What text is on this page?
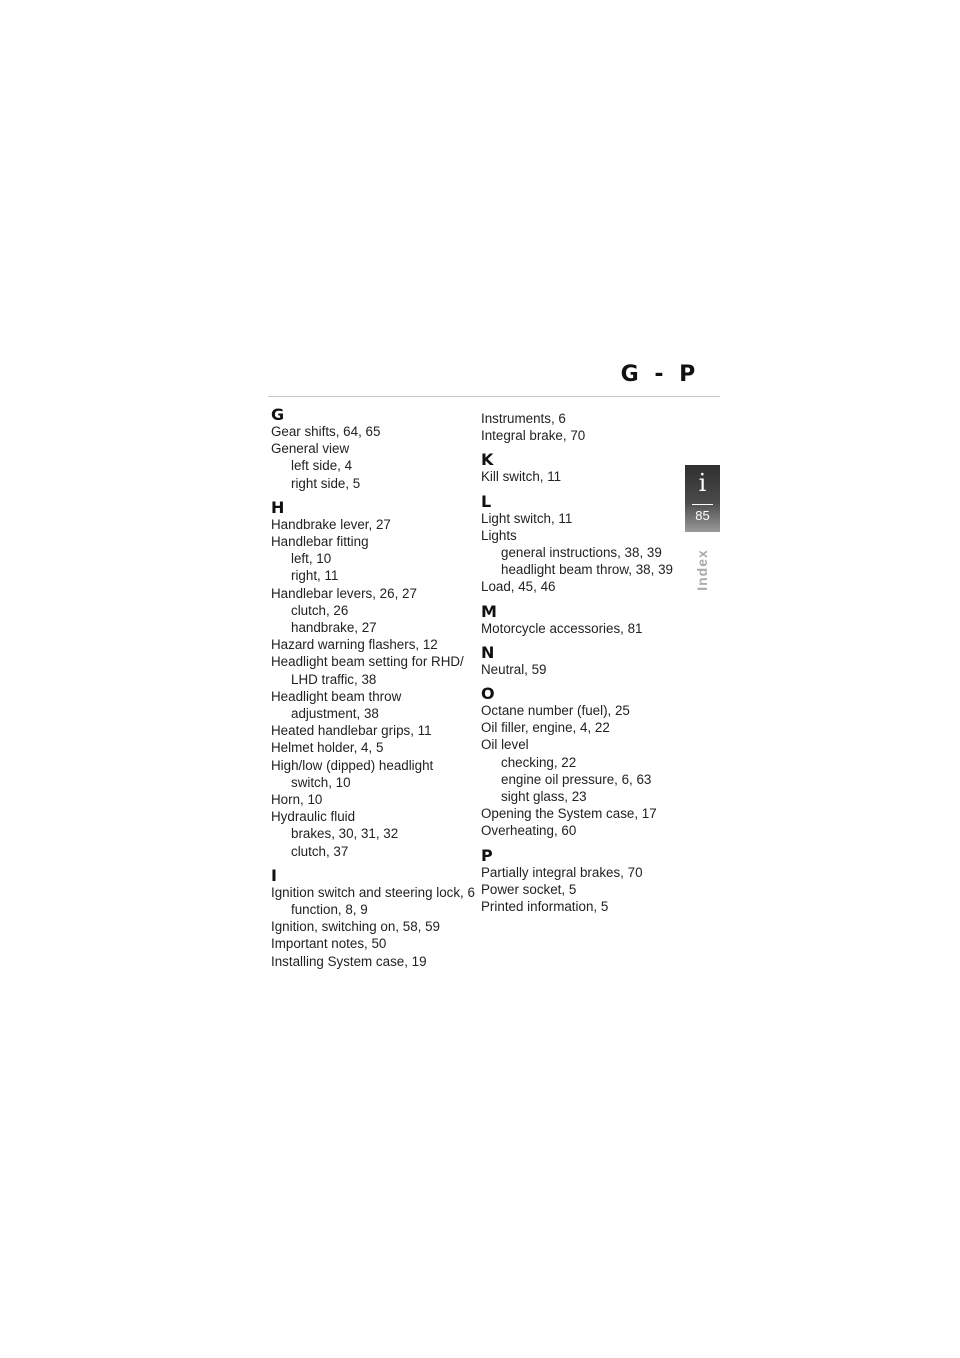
G - P
i
85
Index
G
Gear shifts, 64, 65
General view
left side, 4
right side, 5
H
Handbrake lever, 27
Handlebar fitting
left, 10
right, 11
Handlebar levers, 26, 27
clutch, 26
handbrake, 27
Hazard warning flashers, 12
Headlight beam setting for RHD/
LHD traffic, 38
Headlight beam throw
adjustment, 38
Heated handlebar grips, 11
Helmet holder, 4, 5
High/low (dipped) headlight
switch, 10
Horn, 10
Hydraulic fluid
brakes, 30, 31, 32
clutch, 37
I
Ignition switch and steering lock, 6
function, 8, 9
Ignition, switching on, 58, 59
Important notes, 50
Installing System case, 19
Instruments, 6
Integral brake, 70
K
Kill switch, 11
L
Light switch, 11
Lights
general instructions, 38, 39
headlight beam throw, 38, 39
Load, 45, 46
M
Motorcycle accessories, 81
N
Neutral, 59
O
Octane number (fuel), 25
Oil filler, engine, 4, 22
Oil level
checking, 22
engine oil pressure, 6, 63
sight glass, 23
Opening the System case, 17
Overheating, 60
P
Partially integral brakes, 70
Power socket, 5
Printed information, 5
